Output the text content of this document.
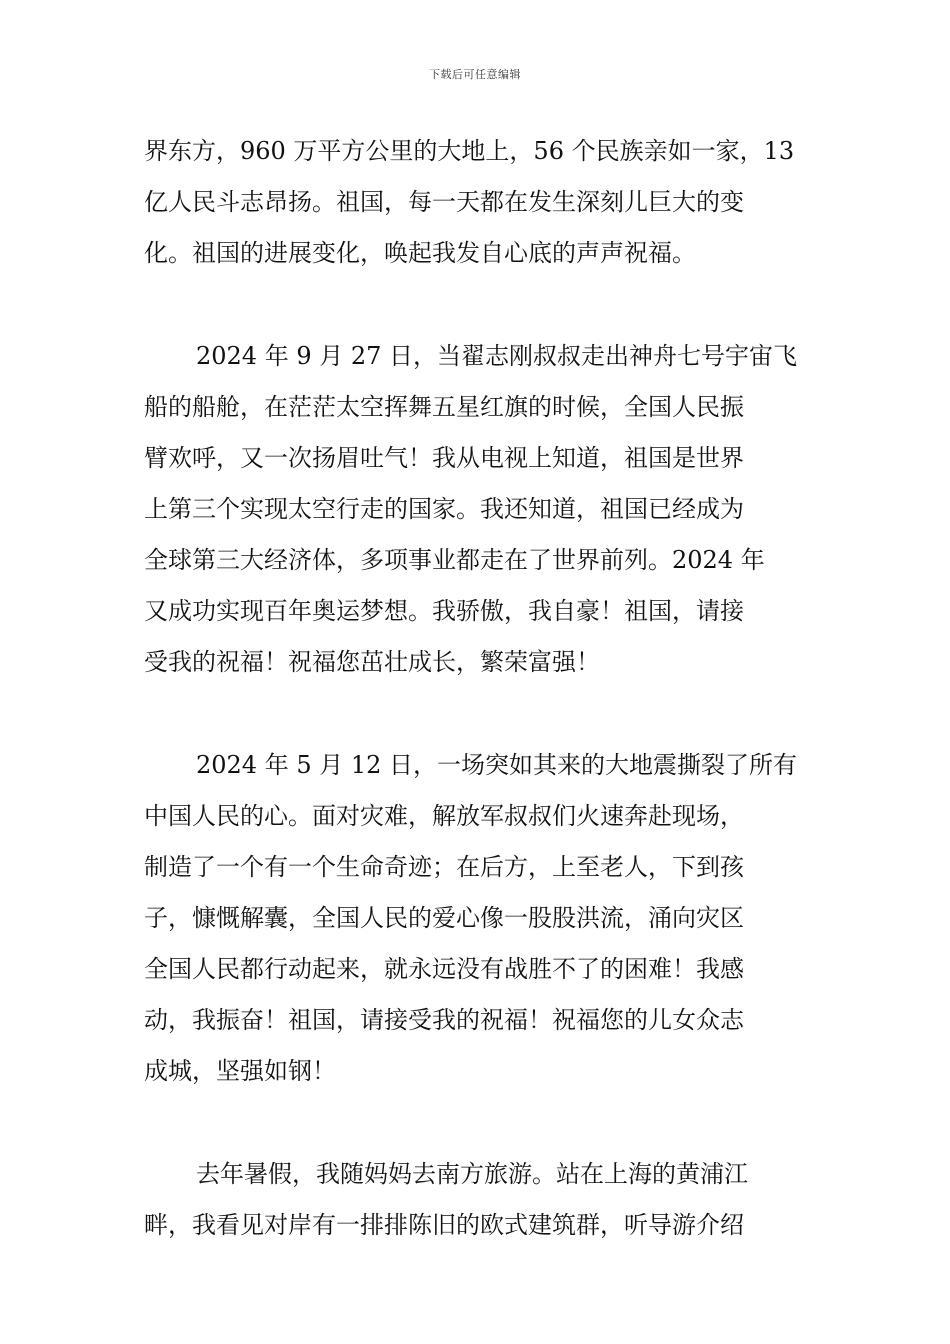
下载后可任意编辑
界东方，960 万平方公里的大地上，56 个民族亲如一家，13
亿人民斗志昂扬。祖国，每一天都在发生深刻儿巨大的变
化。祖国的进展变化，唤起我发自心底的声声祝福。
2024 年 9 月 27 日，当翟志刚叔叔走出神舟七号宇宙飞
船的船舱，在茫茫太空挥舞五星红旗的时候，全国人民振
臂欢呼，又一次扬眉吐气！我从电视上知道，祖国是世界
上第三个实现太空行走的国家。我还知道，祖国已经成为
全球第三大经济体，多项事业都走在了世界前列。2024 年
又成功实现百年奥运梦想。我骄傲，我自豪！祖国，请接
受我的祝福！祝福您茁壮成长，繁荣富强！
2024 年 5 月 12 日，一场突如其来的大地震撕裂了所有
中国人民的心。面对灾难，解放军叔叔们火速奔赴现场，
制造了一个有一个生命奇迹；在后方，上至老人，下到孩
子，慷慨解囊，全国人民的爱心像一股股洪流，涌向灾区
全国人民都行动起来，就永远没有战胜不了的困难！我感
动，我振奋！祖国，请接受我的祝福！祝福您的儿女众志
成城，坚强如钢！
去年暑假，我随妈妈去南方旅游。站在上海的黄浦江
畔，我看见对岸有一排排陈旧的欧式建筑群，听导游介绍
